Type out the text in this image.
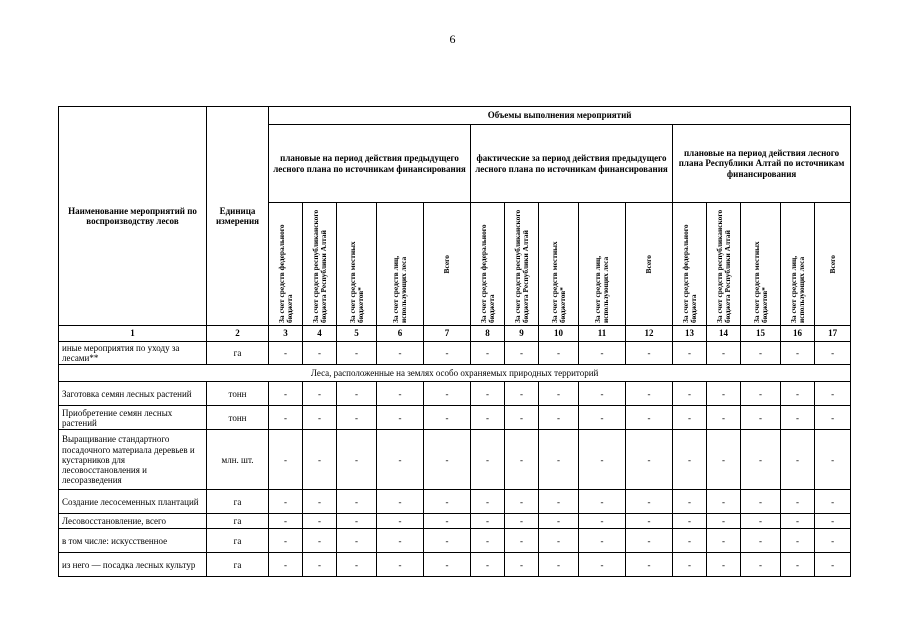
6
Наименование мероприятий по воспроизводству лесов	Единица измерения	Объемы выполнения мероприятий														
		плановые на период действия предыдущего лесного плана по источникам финансирования					фактические за период действия предыдущего лесного плана по источникам финансирования					плановые на период действия лесного плана Республики Алтай по источникам финансирования				

		За счет средств федерального бюджета	За счет средств республиканского бюджета Республики Алтай	За счет средств местных бюджетов*	За счет средств лиц, использующих леса	Всего	За счет средств федерального бюджета	За счет средств республиканского бюджета Республики Алтай	За счет средств местных бюджетов*	За счет средств лиц, использующих леса	Всего	За счет средств федерального бюджета	За счет средств республиканского бюджета Республики Алтай	За счет средств местных бюджетов*	За счет средств лиц, использующих леса	Всего

1	2	3	4	5	6	7	8	9	10	11	12	13	14	15	16	17
иные мероприятия по уходу за лесами**	га	-	-	-	-	-	-	-	-	-	-	-	-	-	-	-
Леса, расположенные на землях особо охраняемых природных территорий																
Заготовка семян лесных растений	тонн	-	-	-	-	-	-	-	-	-	-	-	-	-	-	-
Приобретение семян лесных растений	тонн	-	-	-	-	-	-	-	-	-	-	-	-	-	-	-
Выращивание стандартного посадочного материала деревьев и кустарников для лесовосстановления и лесоразведения	млн. шт.	-	-	-	-	-	-	-	-	-	-	-	-	-	-	-
Создание лесосеменных плантаций	га	-	-	-	-	-	-	-	-	-	-	-	-	-	-	-
Лесовосстановление, всего	га	-	-	-	-	-	-	-	-	-	-	-	-	-	-	-
в том числе: искусственное	га	-	-	-	-	-	-	-	-	-	-	-	-	-	-	-
из него — посадка лесных культур	га	-	-	-	-	-	-	-	-	-	-	-	-	-	-	-
